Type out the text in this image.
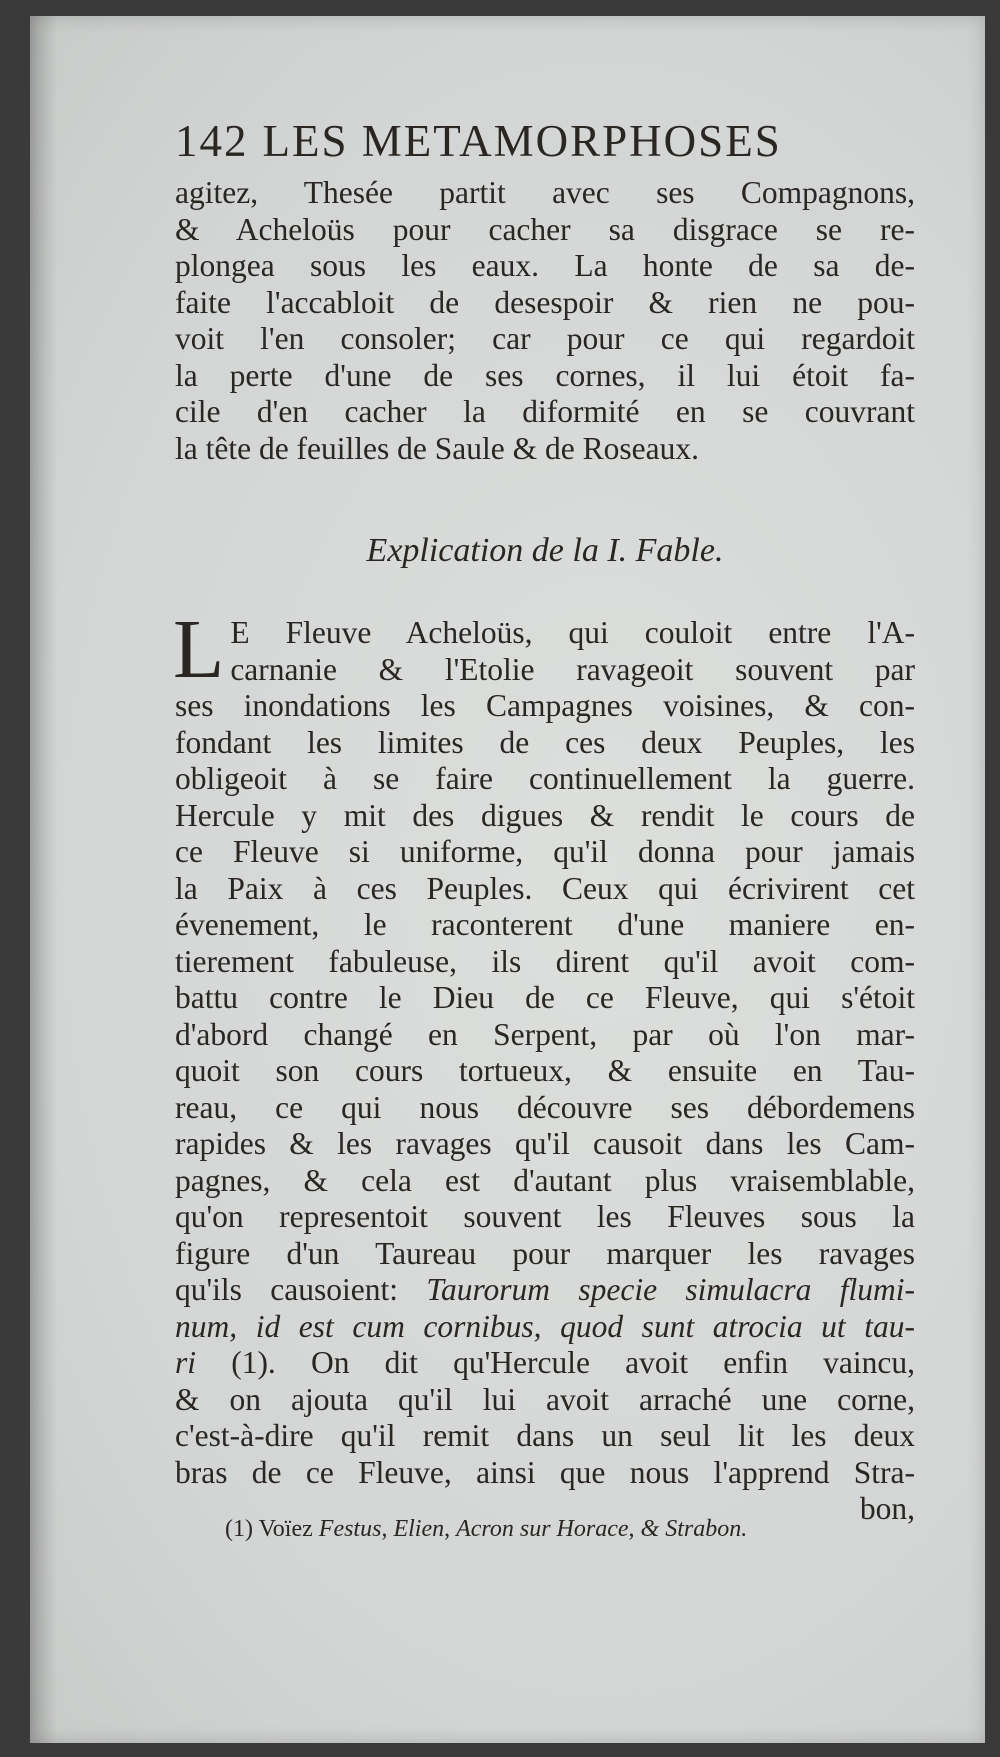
142 LES METAMORPHOSES
agitez, Thesée partit avec ses Compagnons,
& Acheloüs pour cacher sa disgrace se re-
plongea sous les eaux. La honte de sa de-
faite l'accabloit de desespoir & rien ne pou-
voit l'en consoler; car pour ce qui regardoit
la perte d'une de ses cornes, il lui étoit fa-
cile d'en cacher la diformité en se couvrant
la tête de feuilles de Saule & de Roseaux.
Explication de la I. Fable.
L E Fleuve Acheloüs, qui couloit entre l'A-
carnanie & l'Etolie ravageoit souvent par
ses inondations les Campagnes voisines, & con-
fondant les limites de ces deux Peuples, les
obligeoit à se faire continuellement la guerre.
Hercule y mit des digues & rendit le cours de
ce Fleuve si uniforme, qu'il donna pour jamais
la Paix à ces Peuples. Ceux qui écrivirent cet
évenement, le raconterent d'une maniere en-
tierement fabuleuse, ils dirent qu'il avoit com-
battu contre le Dieu de ce Fleuve, qui s'étoit
d'abord changé en Serpent, par où l'on mar-
quoit son cours tortueux, & ensuite en Tau-
reau, ce qui nous découvre ses débordemens
rapides & les ravages qu'il causoit dans les Cam-
pagnes, & cela est d'autant plus vraisemblable,
qu'on representoit souvent les Fleuves sous la
figure d'un Taureau pour marquer les ravages
qu'ils causoient: Taurorum specie simulacra flumi-
num, id est cum cornibus, quod sunt atrocia ut tau-
ri (1). On dit qu'Hercule avoit enfin vaincu,
& on ajouta qu'il lui avoit arraché une corne,
c'est-à-dire qu'il remit dans un seul lit les deux
bras de ce Fleuve, ainsi que nous l'apprend Stra-
bon,
(1) Voïez Festus, Elien, Acron sur Horace, & Strabon.
